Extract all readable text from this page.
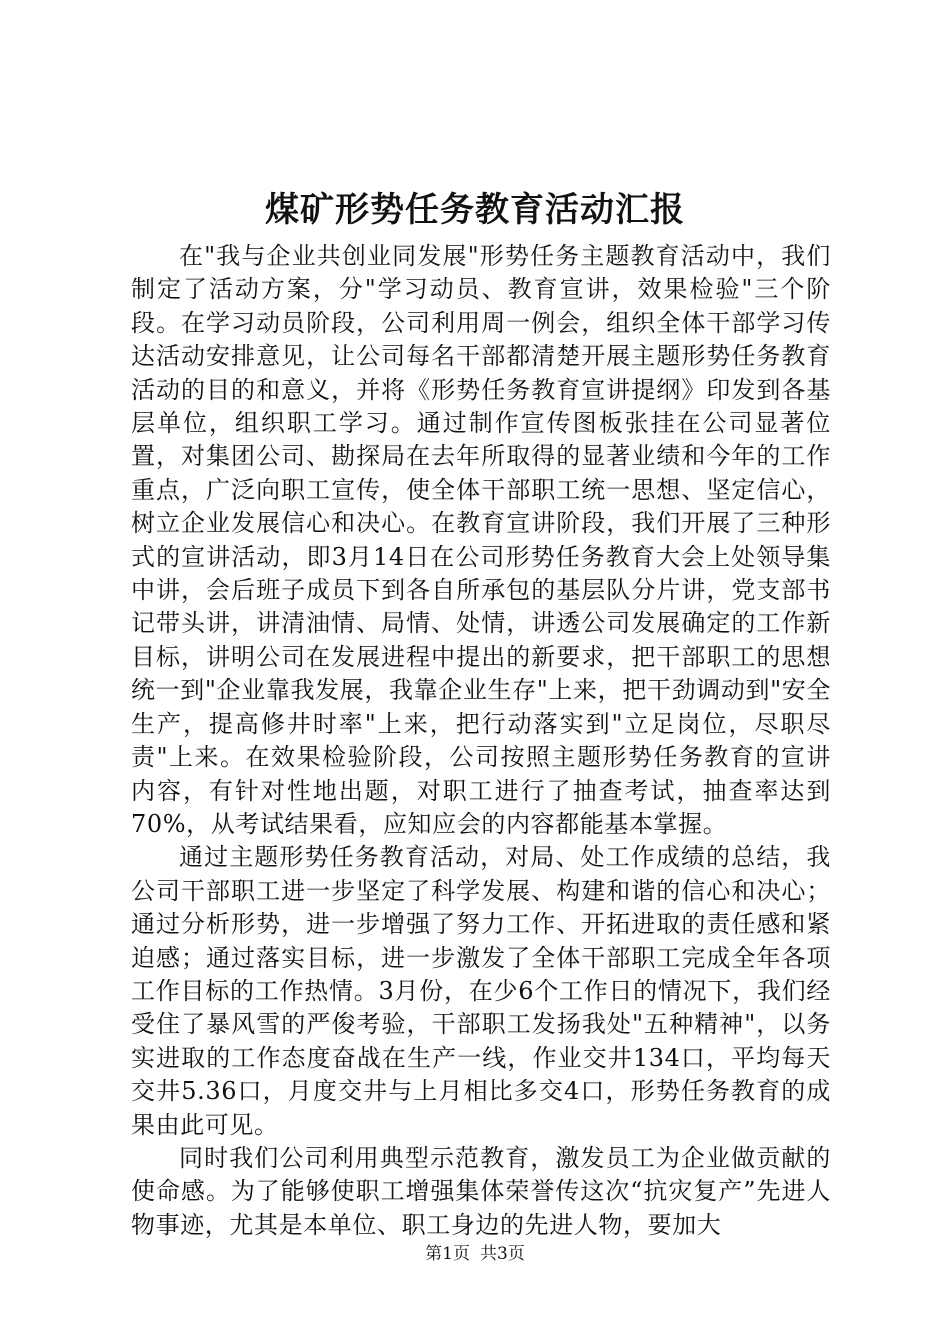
煤矿形势任务教育活动汇报

在"我与企业共创业同发展"形势任务主题教育活动中，我们制定了活动方案，分"学习动员、教育宣讲，效果检验"三个阶段。在学习动员阶段，公司利用周一例会，组织全体干部学习传达活动安排意见，让公司每名干部都清楚开展主题形势任务教育活动的目的和意义，并将《形势任务教育宣讲提纲》印发到各基层单位，组织职工学习。通过制作宣传图板张挂在公司显著位置，对集团公司、勘探局在去年所取得的显著业绩和今年的工作重点，广泛向职工宣传，使全体干部职工统一思想、坚定信心，树立企业发展信心和决心。在教育宣讲阶段，我们开展了三种形式的宣讲活动，即3月14日在公司形势任务教育大会上处领导集中讲，会后班子成员下到各自所承包的基层队分片讲，党支部书记带头讲，讲清油情、局情、处情，讲透公司发展确定的工作新目标，讲明公司在发展进程中提出的新要求，把干部职工的思想统一到"企业靠我发展，我靠企业生存"上来，把干劲调动到"安全生产，提高修井时率"上来，把行动落实到"立足岗位，尽职尽责"上来。在效果检验阶段，公司按照主题形势任务教育的宣讲内容，有针对性地出题，对职工进行了抽查考试，抽查率达到70%，从考试结果看，应知应会的内容都能基本掌握。

通过主题形势任务教育活动，对局、处工作成绩的总结，我公司干部职工进一步坚定了科学发展、构建和谐的信心和决心；通过分析形势，进一步增强了努力工作、开拓进取的责任感和紧迫感；通过落实目标，进一步激发了全体干部职工完成全年各项工作目标的工作热情。3月份，在少6个工作日的情况下，我们经受住了暴风雪的严俊考验，干部职工发扬我处"五种精神"，以务实进取的工作态度奋战在生产一线，作业交井134口，平均每天交井5.36口，月度交井与上月相比多交4口，形势任务教育的成果由此可见。

同时我们公司利用典型示范教育，激发员工为企业做贡献的使命感。为了能够使职工增强集体荣誉传这次“抗灾复产”先进人物事迹，尤其是本单位、职工身边的先进人物，要加大

第1页 共3页
